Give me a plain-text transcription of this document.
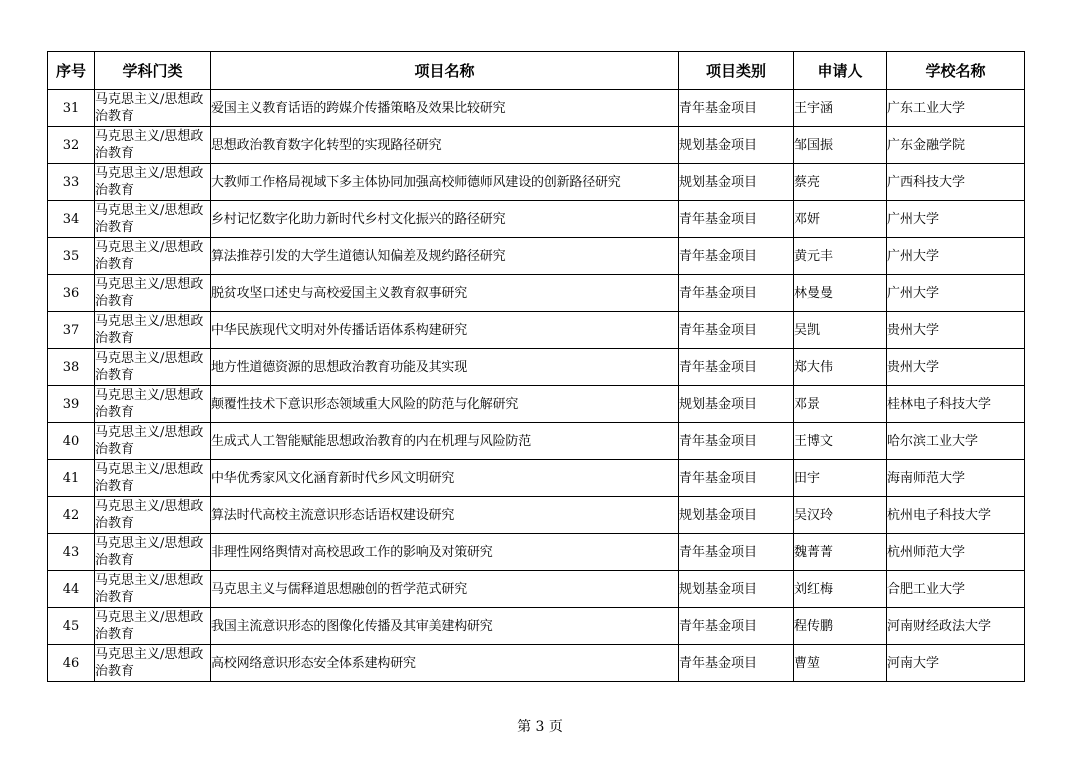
序号	学科门类	项目名称	项目类别	申请人	学校名称
31	马克思主义/思想政治教育	爱国主义教育话语的跨媒介传播策略及效果比较研究	青年基金项目	王宇涵	广东工业大学
32	马克思主义/思想政治教育	思想政治教育数字化转型的实现路径研究	规划基金项目	邹国振	广东金融学院
33	马克思主义/思想政治教育	大教师工作格局视域下多主体协同加强高校师德师风建设的创新路径研究	规划基金项目	蔡亮	广西科技大学
34	马克思主义/思想政治教育	乡村记忆数字化助力新时代乡村文化振兴的路径研究	青年基金项目	邓妍	广州大学
35	马克思主义/思想政治教育	算法推荐引发的大学生道德认知偏差及规约路径研究	青年基金项目	黄元丰	广州大学
36	马克思主义/思想政治教育	脱贫攻坚口述史与高校爱国主义教育叙事研究	青年基金项目	林曼曼	广州大学
37	马克思主义/思想政治教育	中华民族现代文明对外传播话语体系构建研究	青年基金项目	吴凯	贵州大学
38	马克思主义/思想政治教育	地方性道德资源的思想政治教育功能及其实现	青年基金项目	郑大伟	贵州大学
39	马克思主义/思想政治教育	颠覆性技术下意识形态领域重大风险的防范与化解研究	规划基金项目	邓景	桂林电子科技大学
40	马克思主义/思想政治教育	生成式人工智能赋能思想政治教育的内在机理与风险防范	青年基金项目	王博文	哈尔滨工业大学
41	马克思主义/思想政治教育	中华优秀家风文化涵育新时代乡风文明研究	青年基金项目	田宇	海南师范大学
42	马克思主义/思想政治教育	算法时代高校主流意识形态话语权建设研究	规划基金项目	吴汉玲	杭州电子科技大学
43	马克思主义/思想政治教育	非理性网络舆情对高校思政工作的影响及对策研究	青年基金项目	魏菁菁	杭州师范大学
44	马克思主义/思想政治教育	马克思主义与儒释道思想融创的哲学范式研究	规划基金项目	刘红梅	合肥工业大学
45	马克思主义/思想政治教育	我国主流意识形态的图像化传播及其审美建构研究	青年基金项目	程传鹏	河南财经政法大学
46	马克思主义/思想政治教育	高校网络意识形态安全体系建构研究	青年基金项目	曹堃	河南大学
第 3 页
